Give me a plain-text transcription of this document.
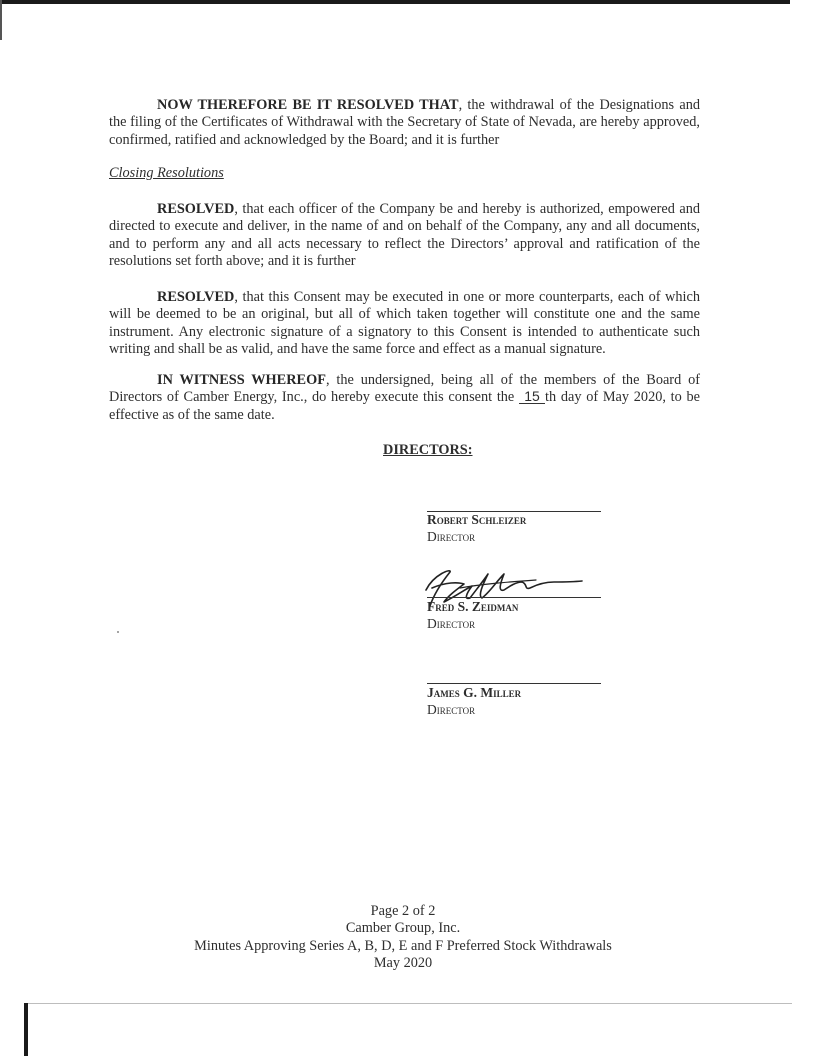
NOW THEREFORE BE IT RESOLVED THAT, the withdrawal of the Designations and the filing of the Certificates of Withdrawal with the Secretary of State of Nevada, are hereby approved, confirmed, ratified and acknowledged by the Board; and it is further

Closing Resolutions

RESOLVED, that each officer of the Company be and hereby is authorized, empowered and directed to execute and deliver, in the name of and on behalf of the Company, any and all documents, and to perform any and all acts necessary to reflect the Directors’ approval and ratification of the resolutions set forth above; and it is further

RESOLVED, that this Consent may be executed in one or more counterparts, each of which will be deemed to be an original, but all of which taken together will constitute one and the same instrument. Any electronic signature of a signatory to this Consent is intended to authenticate such writing and shall be as valid, and have the same force and effect as a manual signature.

IN WITNESS WHEREOF, the undersigned, being all of the members of the Board of Directors of Camber Energy, Inc., do hereby execute this consent the 15 th day of May 2020, to be effective as of the same date.

DIRECTORS:

Robert Schleizer

Director

Fred S. Zeidman

Director

James G. Miller

Director

Page 2 of 2

Camber Group, Inc.

Minutes Approving Series A, B, D, E and F Preferred Stock Withdrawals

May 2020
